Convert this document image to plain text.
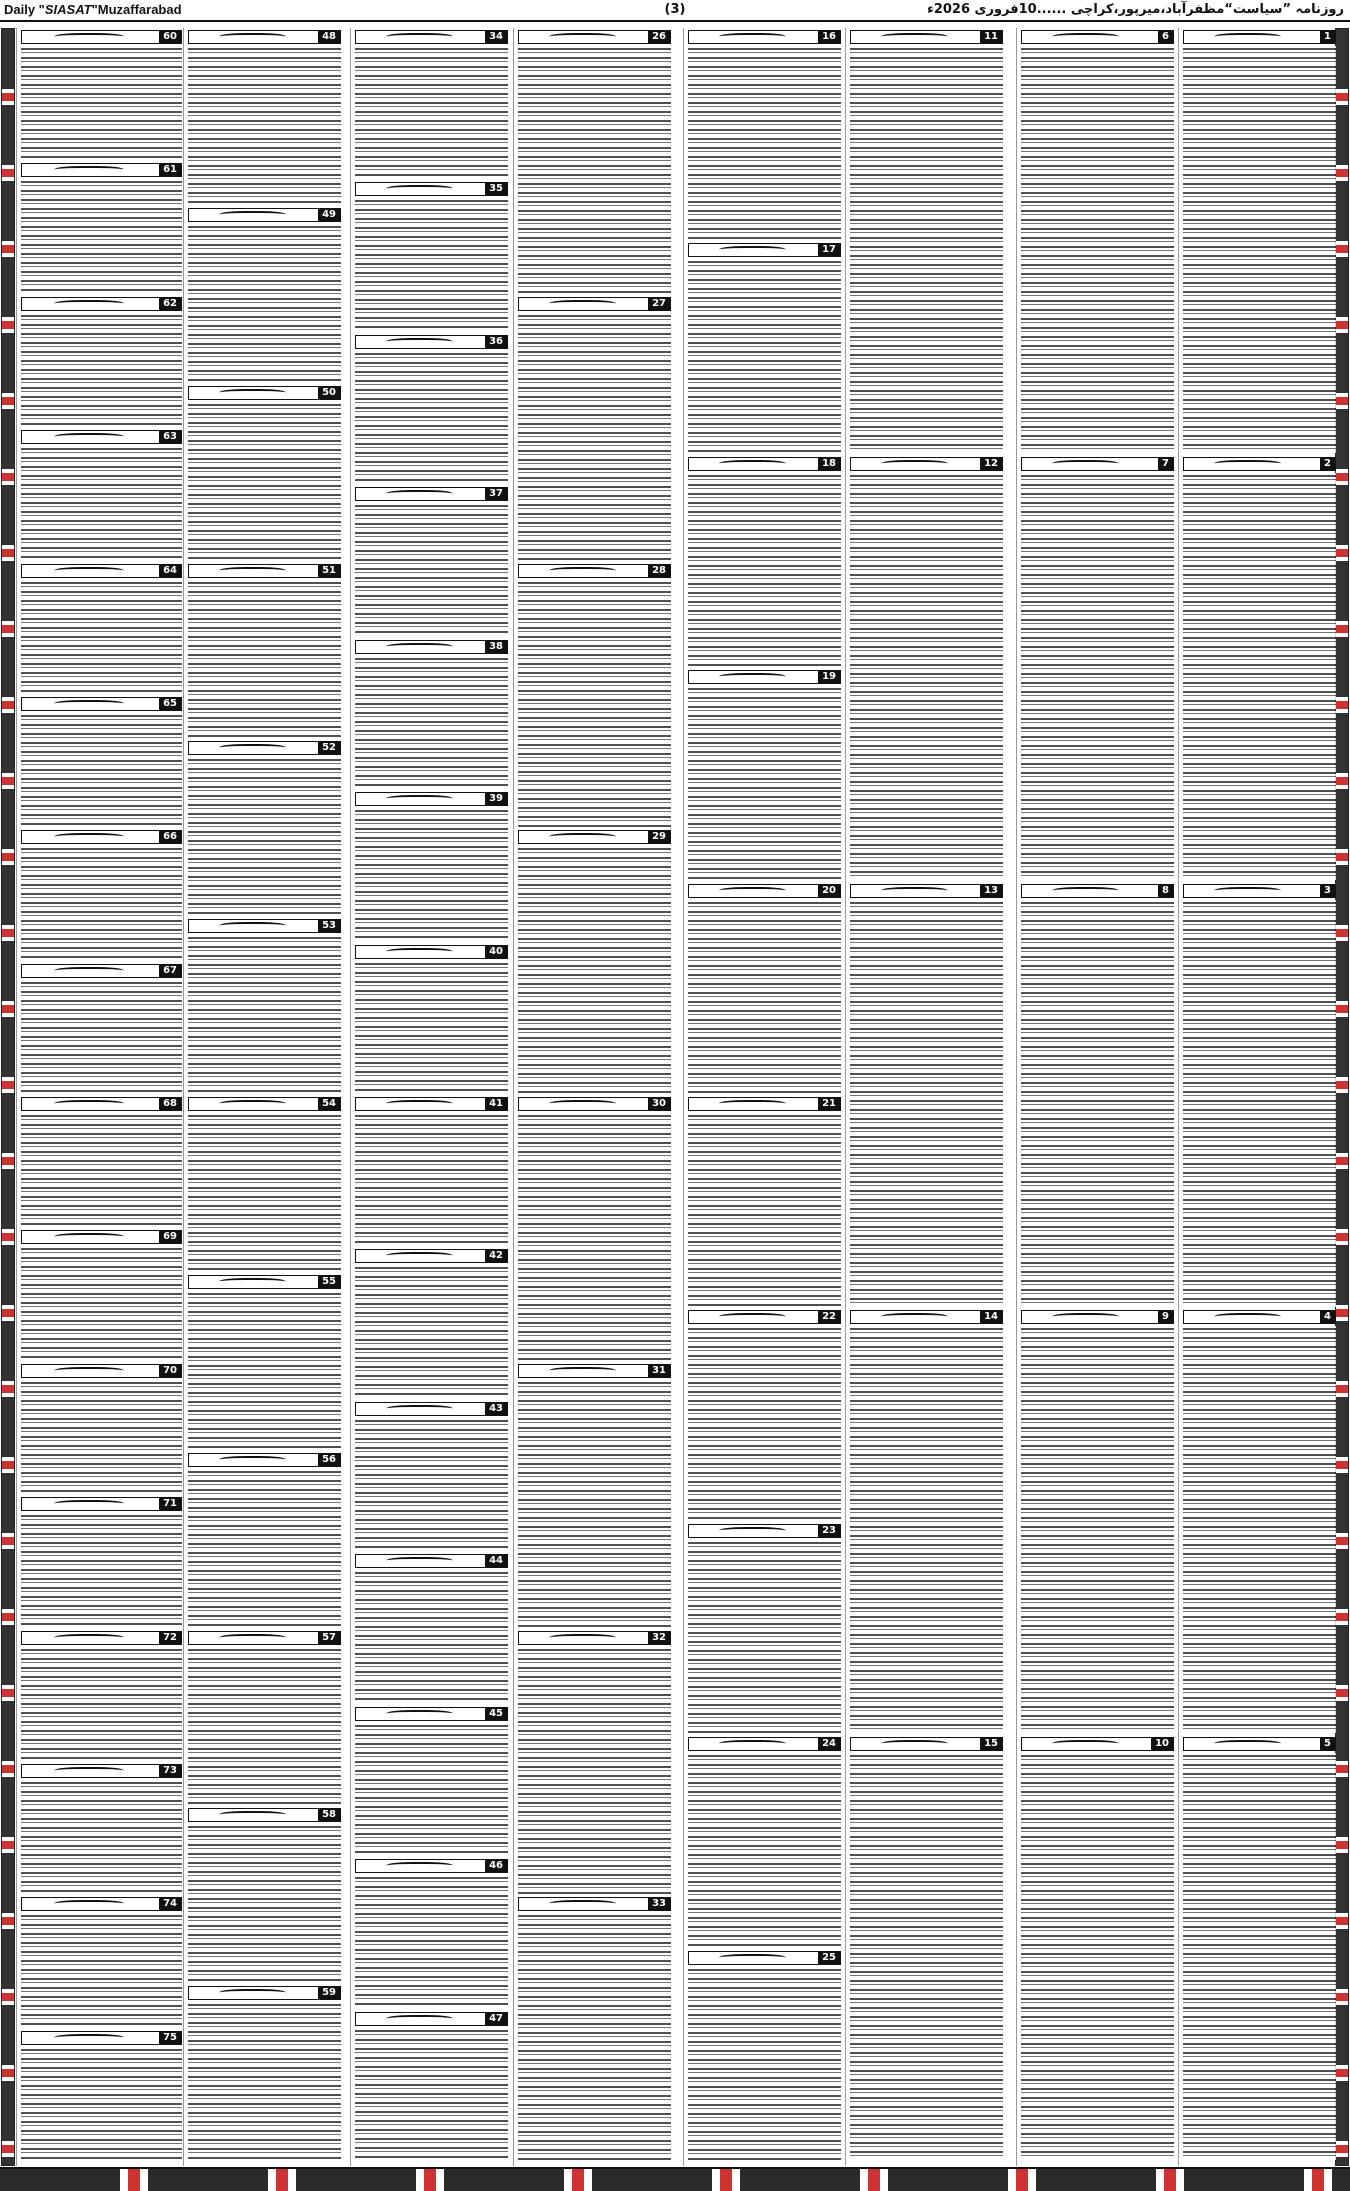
Daily "SIASAT"Muzaffarabad	(3)	روزنامہ ”سیاست“مظفرآباد،میرپور،کراچی ......10فروری 2026ء
1
2
3
4
5
6
7
8
9
10
11
12
13
14
15
16
17
18
19
20
21
22
23
24
25
26
27
28
29
30
31
32
33
34
35
36
37
38
39
40
41
42
43
44
45
46
47
48
49
50
51
52
53
54
55
56
57
58
59
60
61
62
63
64
65
66
67
68
69
70
71
72
73
74
75
